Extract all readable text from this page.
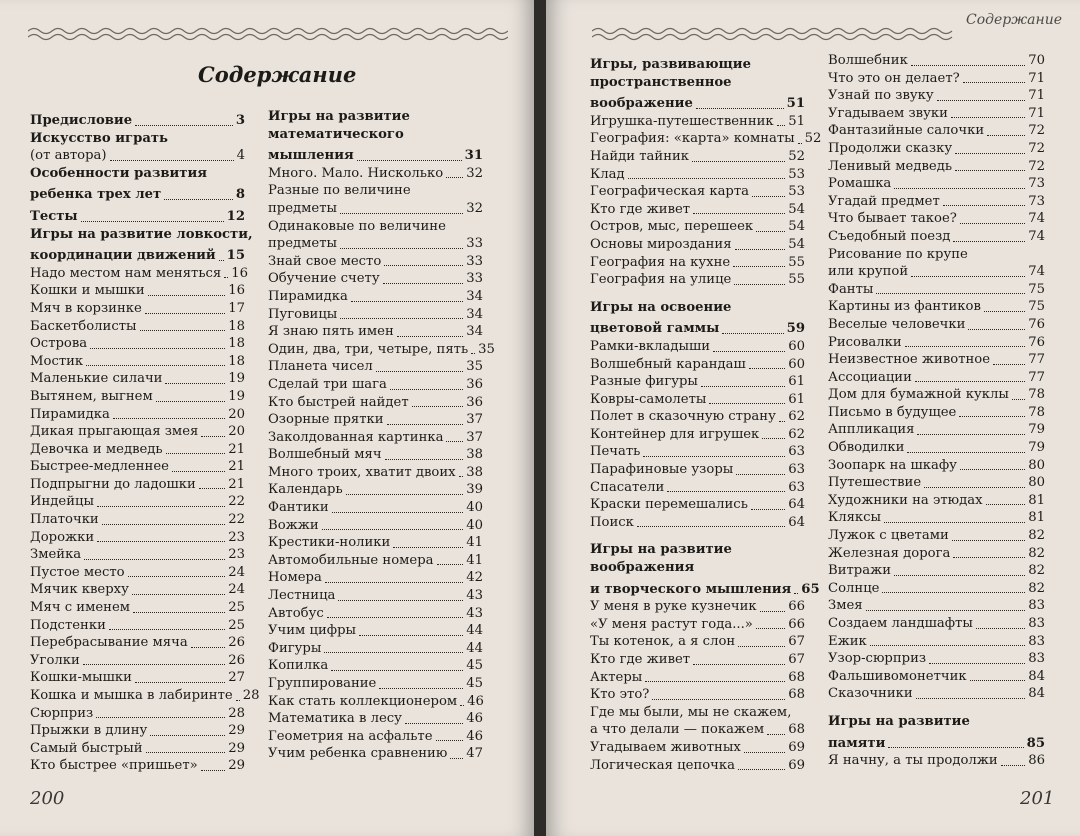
Содержание
Предисловие	3
Искусство играть
(от автора)	4
Особенности развития
ребенка трех лет	8
Тесты	12
Игры на развитие ловкости,
координации движений 15
Надо местом нам меняться 16
Кошки и мышки	16
Мяч в корзинке	17
Баскетболисты	18
Острова	18
Мостик	18
Маленькие силачи	19
Вытянем, выгнем	19
Пирамидка	20
Дикая прыгающая змея 20
Девочка и медведь	21
Быстрее-медленнее	21
Подпрыгни до ладошки 21
Индейцы	22
Платочки	22
Дорожки	23
Змейка	23
Пустое место	24
Мячик кверху	24
Мяч с именем	25
Подстенки	25
Перебрасывание мяча	26
Уголки	26
Кошки-мышки	27
Кошка и мышка в лабиринте 28
Сюрприз	28
Прыжки в длину	29
Самый быстрый	29
Кто быстрее «пришьет» 29
Игры на развитие
математического
мышления	31
Много. Мало. Нисколько 32
Разные по величине
предметы	32
Одинаковые по величине
предметы	33
Знай свое место	33
Обучение счету	33
Пирамидка	34
Пуговицы	34
Я знаю пять имен	34
Один, два, три, четыре, пять 35
Планета чисел	35
Сделай три шага	36
Кто быстрей найдет	36
Озорные прятки	37
Заколдованная картинка 37
Волшебный мяч	38
Много троих, хватит двоих 38
Календарь	39
Фантики	40
Вожжи	40
Крестики-нолики	41
Автомобильные номера 41
Номера	42
Лестница	43
Автобус	43
Учим цифры	44
Фигуры	44
Копилка	45
Группирование	45
Как стать коллекционером 46
Математика в лесу	46
Геометрия на асфальте	46
Учим ребенка сравнению 47
200
Игры, развивающие
пространственное
воображение	51
Игрушка-путешественник 51
География: «карта» комнаты 52
Найди тайник	52
Клад	53
Географическая карта	53
Кто где живет	54
Остров, мыс, перешеек	54
Основы мироздания	54
География на кухне	55
География на улице	55
Игры на освоение
цветовой гаммы	59
Рамки-вкладыши	60
Волшебный карандаш	60
Разные фигуры	61
Ковры-самолеты	61
Полет в сказочную страну 62
Контейнер для игрушек 62
Печать	63
Парафиновые узоры	63
Спасатели	63
Краски перемешались	64
Поиск	64
Игры на развитие
воображения
и творческого мышления 65
У меня в руке кузнечик 66
«У меня растут года...»	66
Ты котенок, а я слон	67
Кто где живет	67
Актеры	68
Кто это?	68
Где мы были, мы не скажем,
а что делали — покажем 68
Угадываем животных	69
Логическая цепочка	69
Волшебник	70
Что это он делает?	71
Узнай по звуку	71
Угадываем звуки	71
Фантазийные салочки	72
Продолжи сказку	72
Ленивый медведь	72
Ромашка	73
Угадай предмет	73
Что бывает такое?	74
Съедобный поезд	74
Рисование по крупе
или крупой	74
Фанты	75
Картины из фантиков	75
Веселые человечки	76
Рисовалки	76
Неизвестное животное	77
Ассоциации	77
Дом для бумажной куклы 78
Письмо в будущее	78
Аппликация	79
Обводилки	79
Зоопарк на шкафу	80
Путешествие	80
Художники на этюдах	81
Кляксы	81
Лужок с цветами	82
Железная дорога	82
Витражи	82
Солнце	82
Змея	83
Создаем ландшафты	83
Ежик	83
Узор-сюрприз	83
Фальшивомонетчик	84
Сказочники	84
Игры на развитие
памяти	85
Я начну, а ты продолжи 86
201
Содержание
